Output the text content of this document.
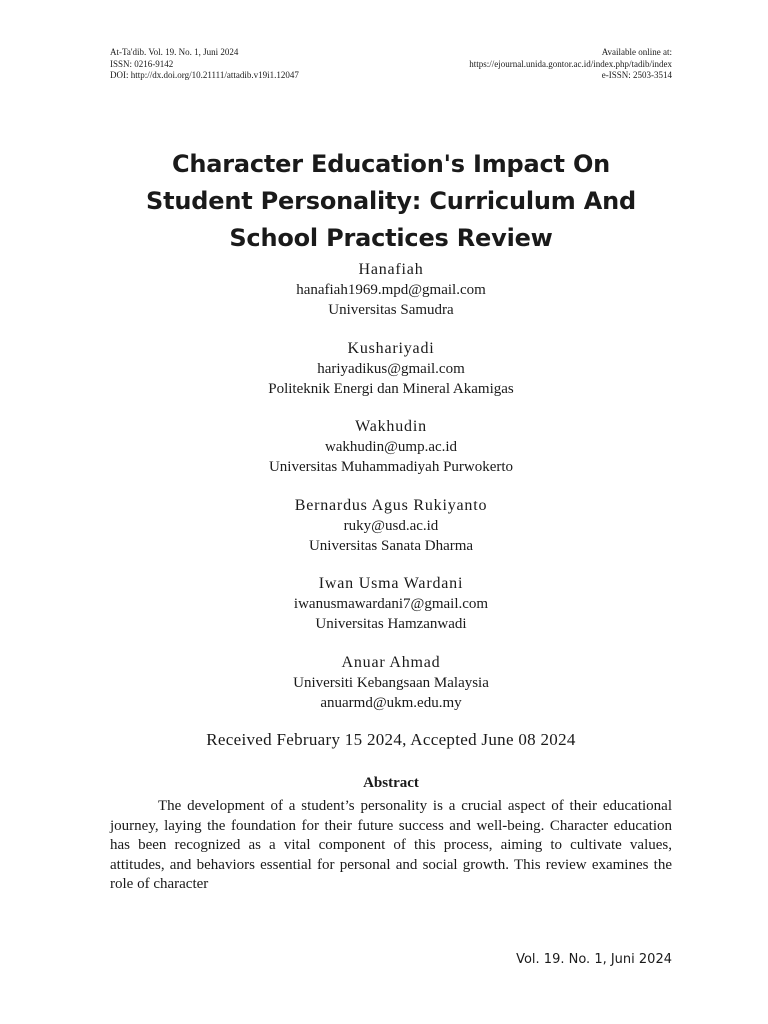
At-Ta'dib. Vol. 19. No. 1, Juni 2024
ISSN: 0216-9142
DOI: http://dx.doi.org/10.21111/attadib.v19i1.12047
Available online at:
https://ejournal.unida.gontor.ac.id/index.php/tadib/index
e-ISSN: 2503-3514
Character Education's Impact On
Student Personality: Curriculum And
School Practices Review
Hanafiah
hanafiah1969.mpd@gmail.com
Universitas Samudra
Kushariyadi
hariyadikus@gmail.com
Politeknik Energi dan Mineral Akamigas
Wakhudin
wakhudin@ump.ac.id
Universitas Muhammadiyah Purwokerto
Bernardus Agus Rukiyanto
ruky@usd.ac.id
Universitas Sanata Dharma
Iwan Usma Wardani
iwanusmawardani7@gmail.com
Universitas Hamzanwadi
Anuar Ahmad
Universiti Kebangsaan Malaysia
anuarmd@ukm.edu.my
Received February 15 2024, Accepted June 08 2024
Abstract

The development of a student’s personality is a crucial aspect of their educational journey, laying the foundation for their future success and well-being. Character education has been recognized as a vital component of this process, aiming to cultivate values, attitudes, and behaviors essential for personal and social growth. This review examines the role of character

Vol. 19. No. 1, Juni 2024
